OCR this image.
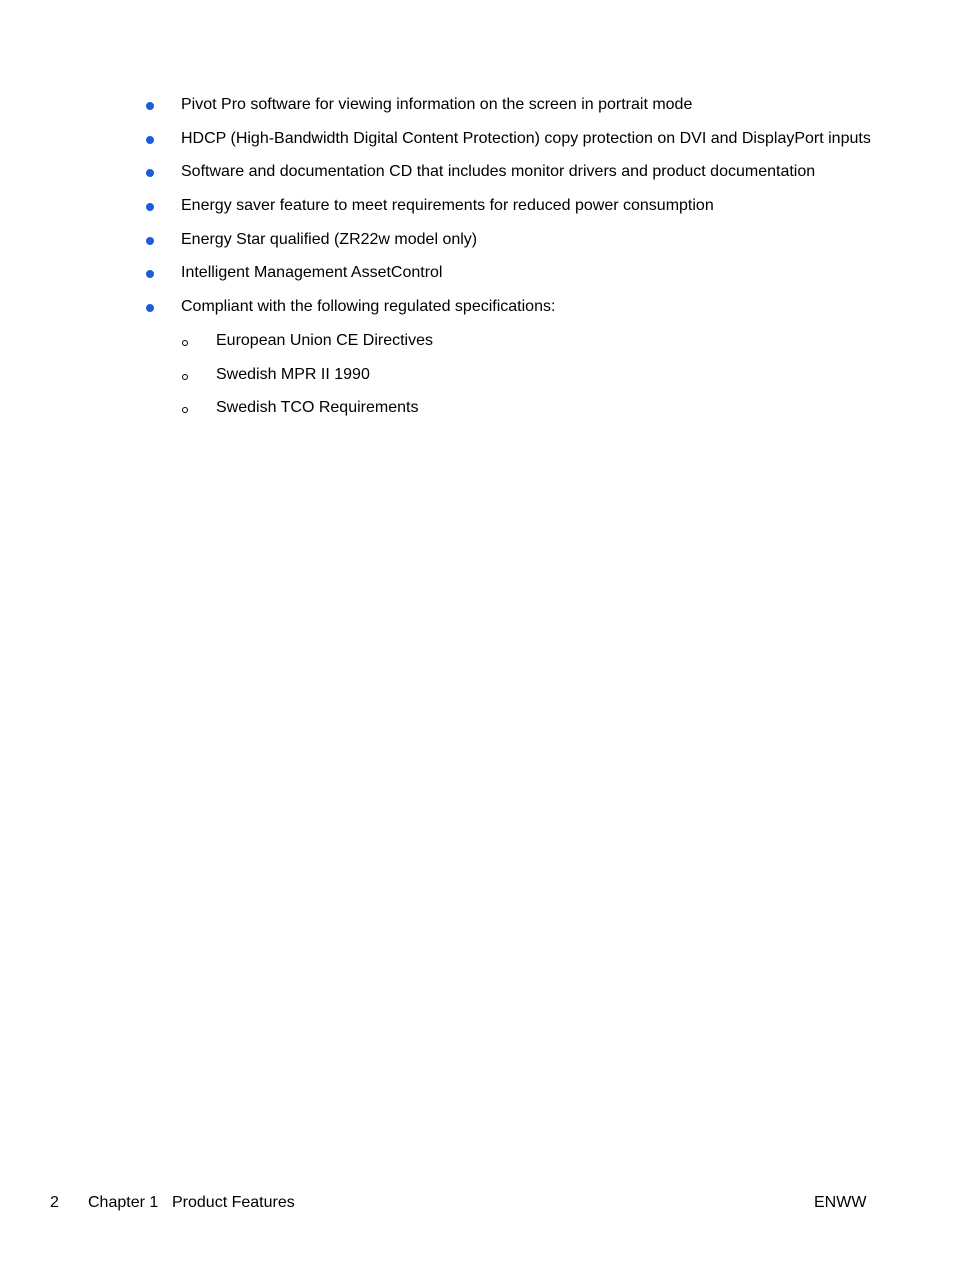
Pivot Pro software for viewing information on the screen in portrait mode
HDCP (High-Bandwidth Digital Content Protection) copy protection on DVI and DisplayPort inputs
Software and documentation CD that includes monitor drivers and product documentation
Energy saver feature to meet requirements for reduced power consumption
Energy Star qualified (ZR22w model only)
Intelligent Management AssetControl
Compliant with the following regulated specifications:
European Union CE Directives
Swedish MPR II 1990
Swedish TCO Requirements
2 Chapter 1 Product Features	ENWW
